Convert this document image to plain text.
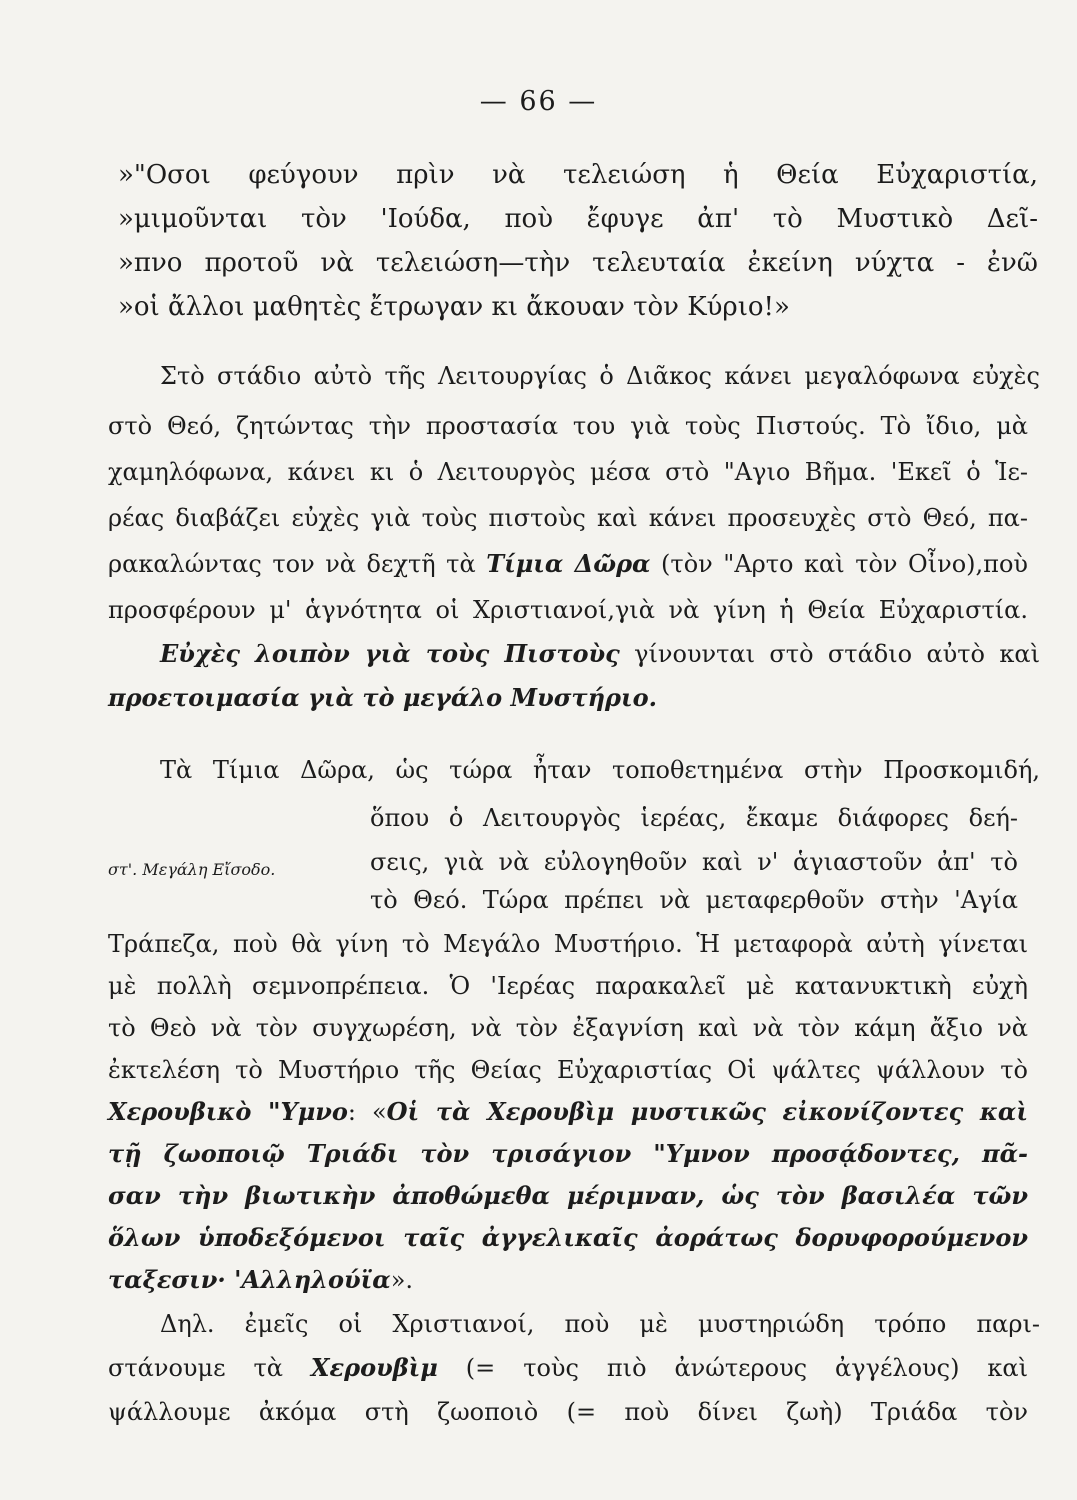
— 66 —

»"Οσοι φεύγουν πρὶν νὰ τελειώση ἡ Θεία Εὐχαριστία,

»μιμοῦνται τὸν 'Ιούδα, ποὺ ἔφυγε ἀπ' τὸ Μυστικὸ Δεῖ-

»πνο προτοῦ νὰ τελειώση—τὴν τελευταία ἐκείνη νύχτα - ἐνῶ

»οἱ ἄλλοι μαθητὲς ἔτρωγαν κι ἄκουαν τὸν Κύριο!»

Στὸ στάδιο αὐτὸ τῆς Λειτουργίας ὁ Διᾶκος κάνει μεγαλόφωνα εὐχὲς

στὸ Θεό, ζητώντας τὴν προστασία του γιὰ τοὺς Πιστούς. Τὸ ἴδιο, μὰ

χαμηλόφωνα, κάνει κι ὁ Λειτουργὸς μέσα στὸ "Αγιο Βῆμα. 'Εκεῖ ὁ Ἱε-

ρέας διαβάζει εὐχὲς γιὰ τοὺς πιστοὺς καὶ κάνει προσευχὲς στὸ Θεό, πα-

ρακαλώντας τον νὰ δεχτῆ τὰ Τίμια Δῶρα (τὸν "Αρτο καὶ τὸν Οἶνο),ποὺ

προσφέρουν μ' ἁγνότητα οἱ Χριστιανοί,γιὰ νὰ γίνη ἡ Θεία Εὐχαριστία.

Εὐχὲς λοιπὸν γιὰ τοὺς Πιστοὺς γίνουνται στὸ στάδιο αὐτὸ καὶ

προετοιμασία γιὰ τὸ μεγάλο Μυστήριο.

Τὰ Τίμια Δῶρα, ὡς τώρα ἦταν τοποθετημένα στὴν Προσκομιδή,

ὅπου ὁ Λειτουργὸς ἱερέας, ἔκαμε διάφορες δεή-

στ'. Μεγάλη Εἴσοδο.	σεις, γιὰ νὰ εὐλογηθοῦν καὶ ν' ἁγιαστοῦν ἀπ' τὸ

τὸ Θεό. Τώρα πρέπει νὰ μεταφερθοῦν στὴν 'Αγία

Τράπεζα, ποὺ θὰ γίνη τὸ Μεγάλο Μυστήριο. Ἡ μεταφορὰ αὐτὴ γίνεται

μὲ πολλὴ σεμνοπρέπεια. Ὁ 'Ιερέας παρακαλεῖ μὲ κατανυκτικὴ εὐχὴ

τὸ Θεὸ νὰ τὸν συγχωρέση, νὰ τὸν ἐξαγνίση καὶ νὰ τὸν κάμη ἄξιο νὰ

ἐκτελέση τὸ Μυστήριο τῆς Θείας Εὐχαριστίας Οἱ ψάλτες ψάλλουν τὸ

Χερουβικὸ "Υμνο: «Οἱ τὰ Χερουβὶμ μυστικῶς εἰκονίζοντες καὶ

τῇ ζωοποιῷ Τριάδι τὸν τρισάγιον "Υμνον προσᾴδοντες, πᾶ-

σαν τὴν βιωτικὴν ἀποθώμεθα μέριμναν, ὡς τὸν βασιλέα τῶν

ὅλων ὑποδεξόμενοι ταῖς ἀγγελικαῖς ἀοράτως δορυφορούμενον

ταξεσιν· 'Αλληλούϊα».

Δηλ. ἐμεῖς οἱ Χριστιανοί, ποὺ μὲ μυστηριώδη τρόπο παρι-

στάνουμε τὰ Χερουβὶμ (= τοὺς πιὸ ἀνώτερους ἀγγέλους) καὶ

ψάλλουμε ἀκόμα στὴ ζωοποιὸ (= ποὺ δίνει ζωὴ) Τριάδα τὸν
